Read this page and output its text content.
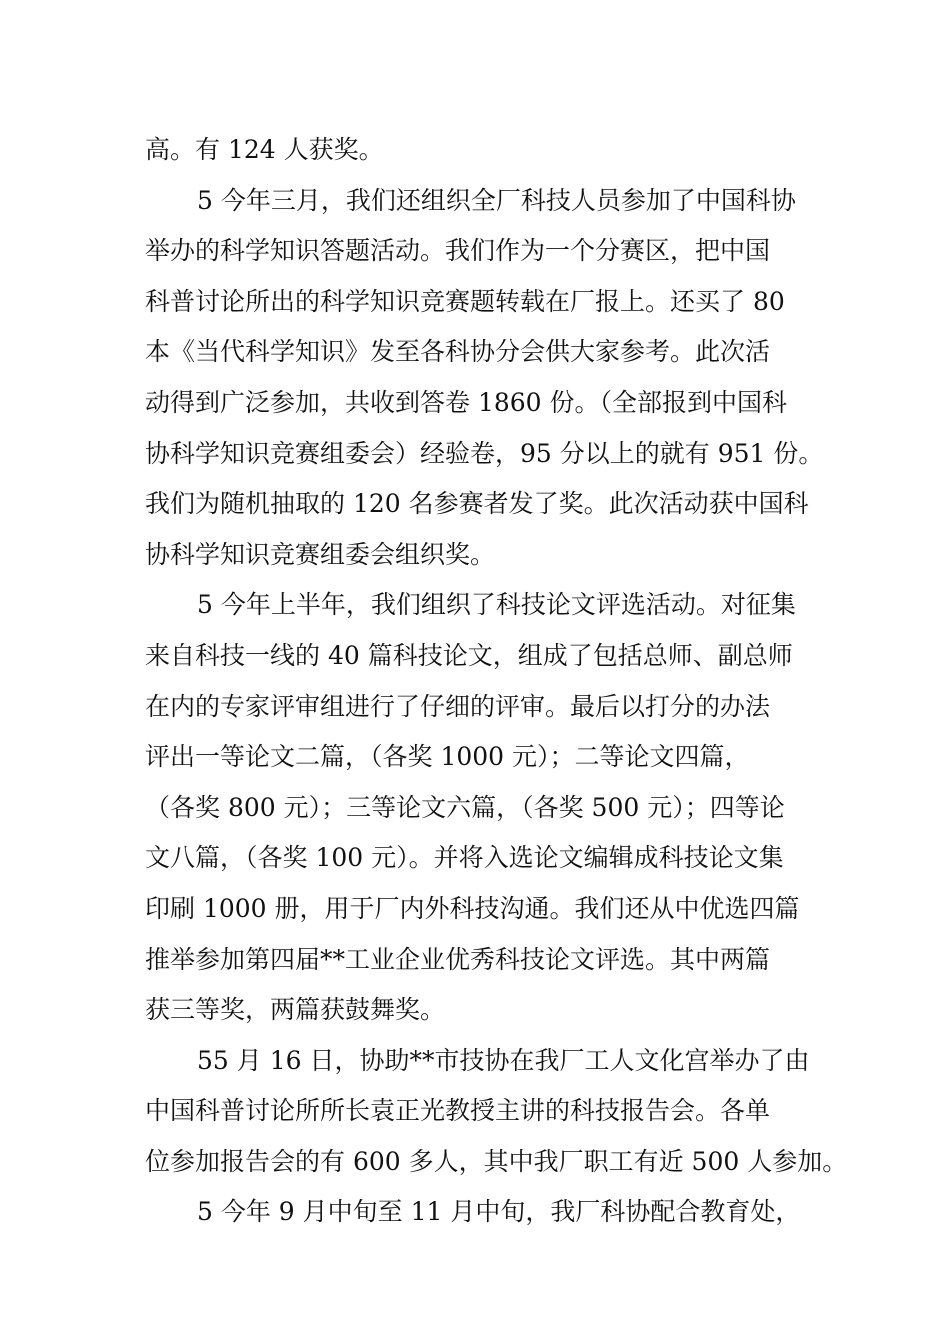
高。有 124 人获奖。
5 今年三月，我们还组织全厂科技人员参加了中国科协
举办的科学知识答题活动。我们作为一个分赛区，把中国
科普讨论所出的科学知识竞赛题转载在厂报上。还买了 80
本《当代科学知识》发至各科协分会供大家参考。此次活
动得到广泛参加，共收到答卷 1860 份。（全部报到中国科
协科学知识竞赛组委会）经验卷，95 分以上的就有 951 份。
我们为随机抽取的 120 名参赛者发了奖。此次活动获中国科
协科学知识竞赛组委会组织奖。
5 今年上半年，我们组织了科技论文评选活动。对征集
来自科技一线的 40 篇科技论文，组成了包括总师、副总师
在内的专家评审组进行了仔细的评审。最后以打分的办法
评出一等论文二篇，（各奖 1000 元）；二等论文四篇，
（各奖 800 元）；三等论文六篇，（各奖 500 元）；四等论
文八篇，（各奖 100 元）。并将入选论文编辑成科技论文集
印刷 1000 册，用于厂内外科技沟通。我们还从中优选四篇
推举参加第四届**工业企业优秀科技论文评选。其中两篇
获三等奖，两篇获鼓舞奖。
55 月 16 日，协助**市技协在我厂工人文化宫举办了由
中国科普讨论所所长袁正光教授主讲的科技报告会。各单
位参加报告会的有 600 多人，其中我厂职工有近 500 人参加。
5 今年 9 月中旬至 11 月中旬，我厂科协配合教育处，
